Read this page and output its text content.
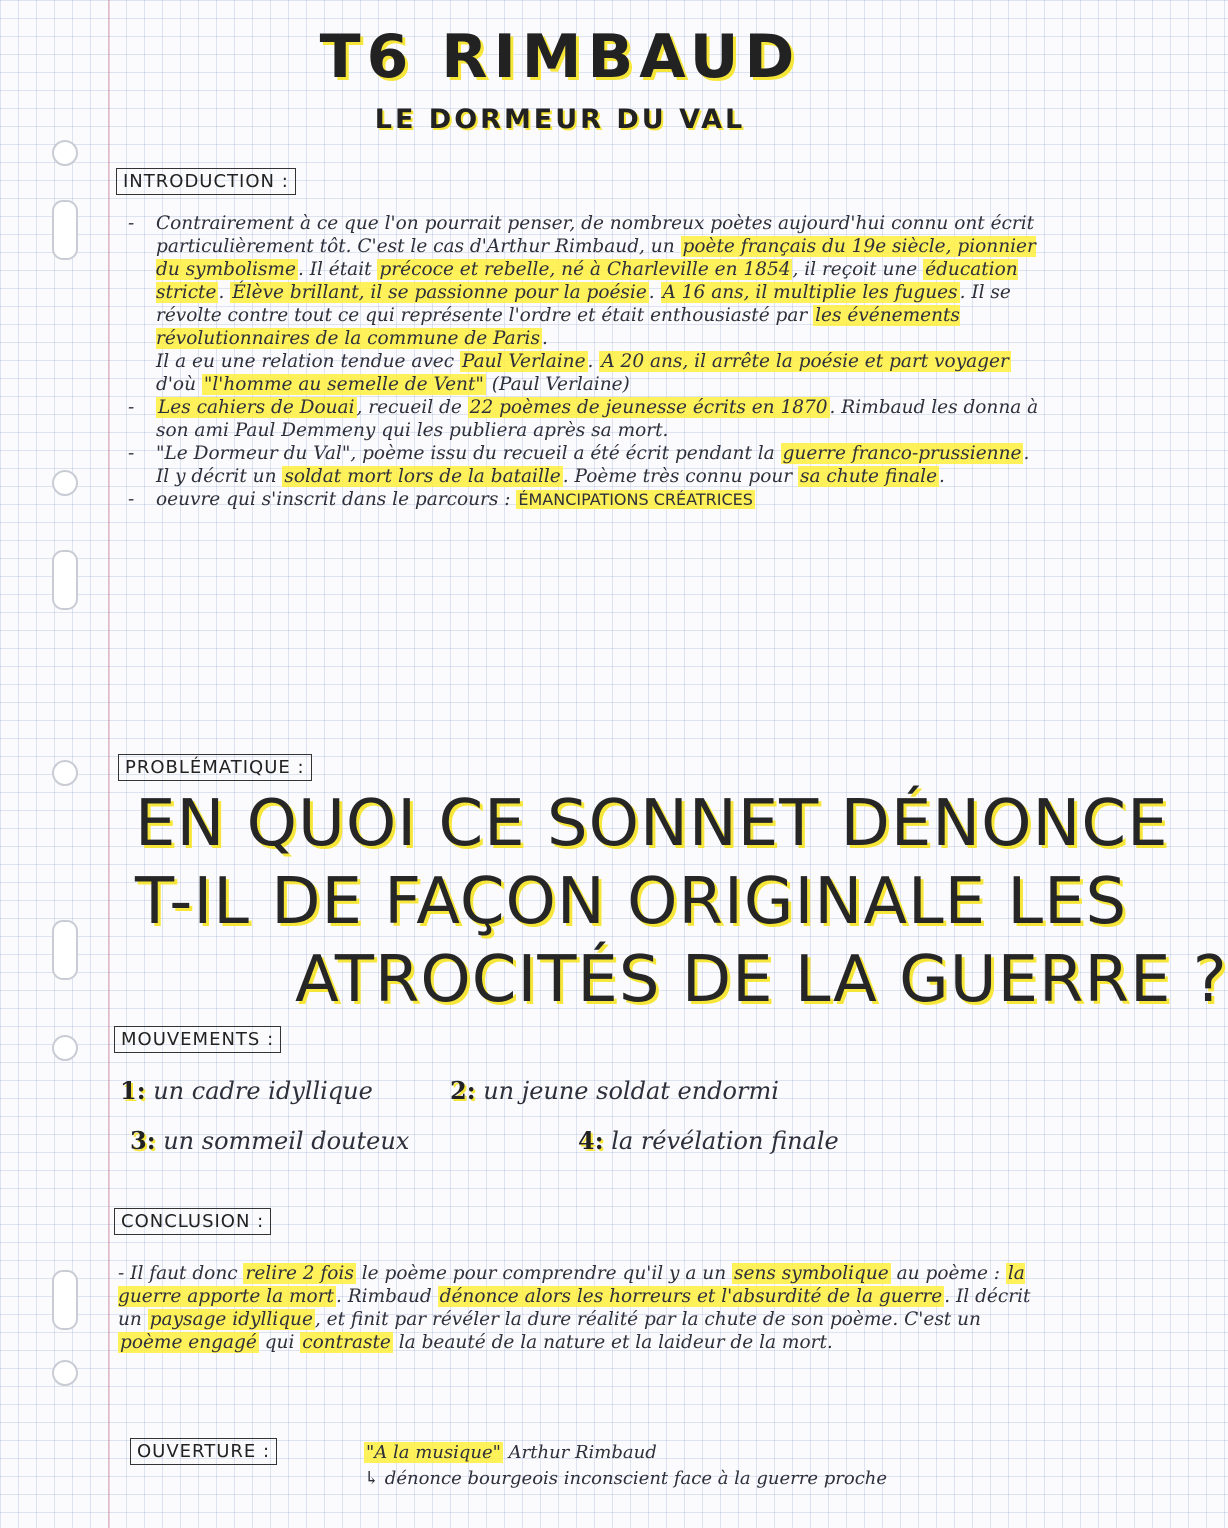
T6 RIMBAUD
LE DORMEUR DU VAL
INTRODUCTION :
-	Contrairement à ce que l'on pourrait penser, de nombreux poètes aujourd'hui connu ont écrit particulièrement tôt. C'est le cas d'Arthur Rimbaud, un poète français du 19e siècle, pionnier du symbolisme . Il était précoce et rebelle, né à Charleville en 1854 , il reçoit une éducation stricte . Élève brillant, il se passionne pour la poésie . A 16 ans, il multiplie les fugues . Il se révolte contre tout ce qui représente l'ordre et était enthousiasté par les événements révolutionnaires de la commune de Paris .
Il a eu une relation tendue avec Paul Verlaine . A 20 ans, il arrête la poésie et part voyager d'où "l'homme au semelle de Vent" (Paul Verlaine)
-	Les cahiers de Douai , recueil de 22 poèmes de jeunesse écrits en 1870 . Rimbaud les donna à son ami Paul Demmeny qui les publiera après sa mort.
-	"Le Dormeur du Val", poème issu du recueil a été écrit pendant la guerre franco-prussienne . Il y décrit un soldat mort lors de la bataille . Poème très connu pour sa chute finale .
-	oeuvre qui s'inscrit dans le parcours : ÉMANCIPATIONS CRÉATRICES
PROBLÉMATIQUE :
EN QUOI CE SONNET DÉNONCE
T-IL DE FAÇON ORIGINALE LES
ATROCITÉS DE LA GUERRE ?
MOUVEMENTS :
1: un cadre idyllique	2: un jeune soldat endormi
3: un sommeil douteux	4: la révélation finale
CONCLUSION :
- Il faut donc relire 2 fois le poème pour comprendre qu'il y a un sens symbolique au poème : la guerre apporte la mort . Rimbaud dénonce alors les horreurs et l'absurdité de la guerre . Il décrit un paysage idyllique , et finit par révéler la dure réalité par la chute de son poème. C'est un poème engagé qui contraste la beauté de la nature et la laideur de la mort.
OUVERTURE :	"A la musique" Arthur Rimbaud
↳ dénonce bourgeois inconscient face à la guerre proche
